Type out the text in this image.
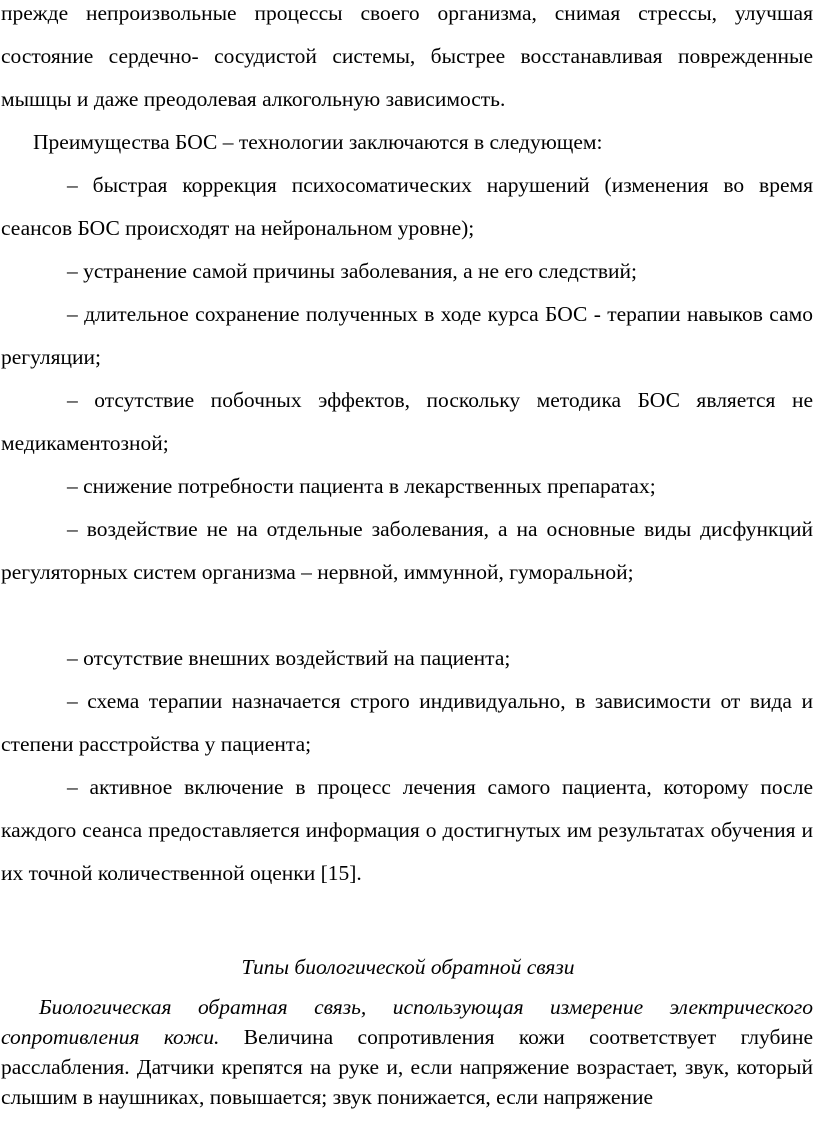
прежде непроизвольные процессы своего организма, снимая стрессы, улучшая состояние сердечно- сосудистой системы, быстрее восстанавливая поврежденные мышцы и даже преодолевая алкогольную зависимость.

Преимущества БОС – технологии заключаются в следующем:

– быстрая коррекция психосоматических нарушений (изменения во время сеансов БОС происходят на нейрональном уровне);

– устранение самой причины заболевания, а не его следствий;

– длительное сохранение полученных в ходе курса БОС - терапии навыков само регуляции;

– отсутствие побочных эффектов, поскольку методика БОС является не медикаментозной;

– снижение потребности пациента в лекарственных препаратах;

– воздействие не на отдельные заболевания, а на основные виды дисфункций регуляторных систем организма – нервной, иммунной, гуморальной;

– отсутствие внешних воздействий на пациента;

– схема терапии назначается строго индивидуально, в зависимости от вида и степени расстройства у пациента;

– активное включение в процесс лечения самого пациента, которому после каждого сеанса предоставляется информация о достигнутых им результатах обучения и их точной количественной оценки [15].

Типы биологической обратной связи

Биологическая обратная связь, использующая измерение электрического сопротивления кожи. Величина сопротивления кожи соответствует глубине расслабления. Датчики крепятся на руке и, если напряжение возрастает, звук, который слышим в наушниках, повышается; звук понижается, если напряжение
